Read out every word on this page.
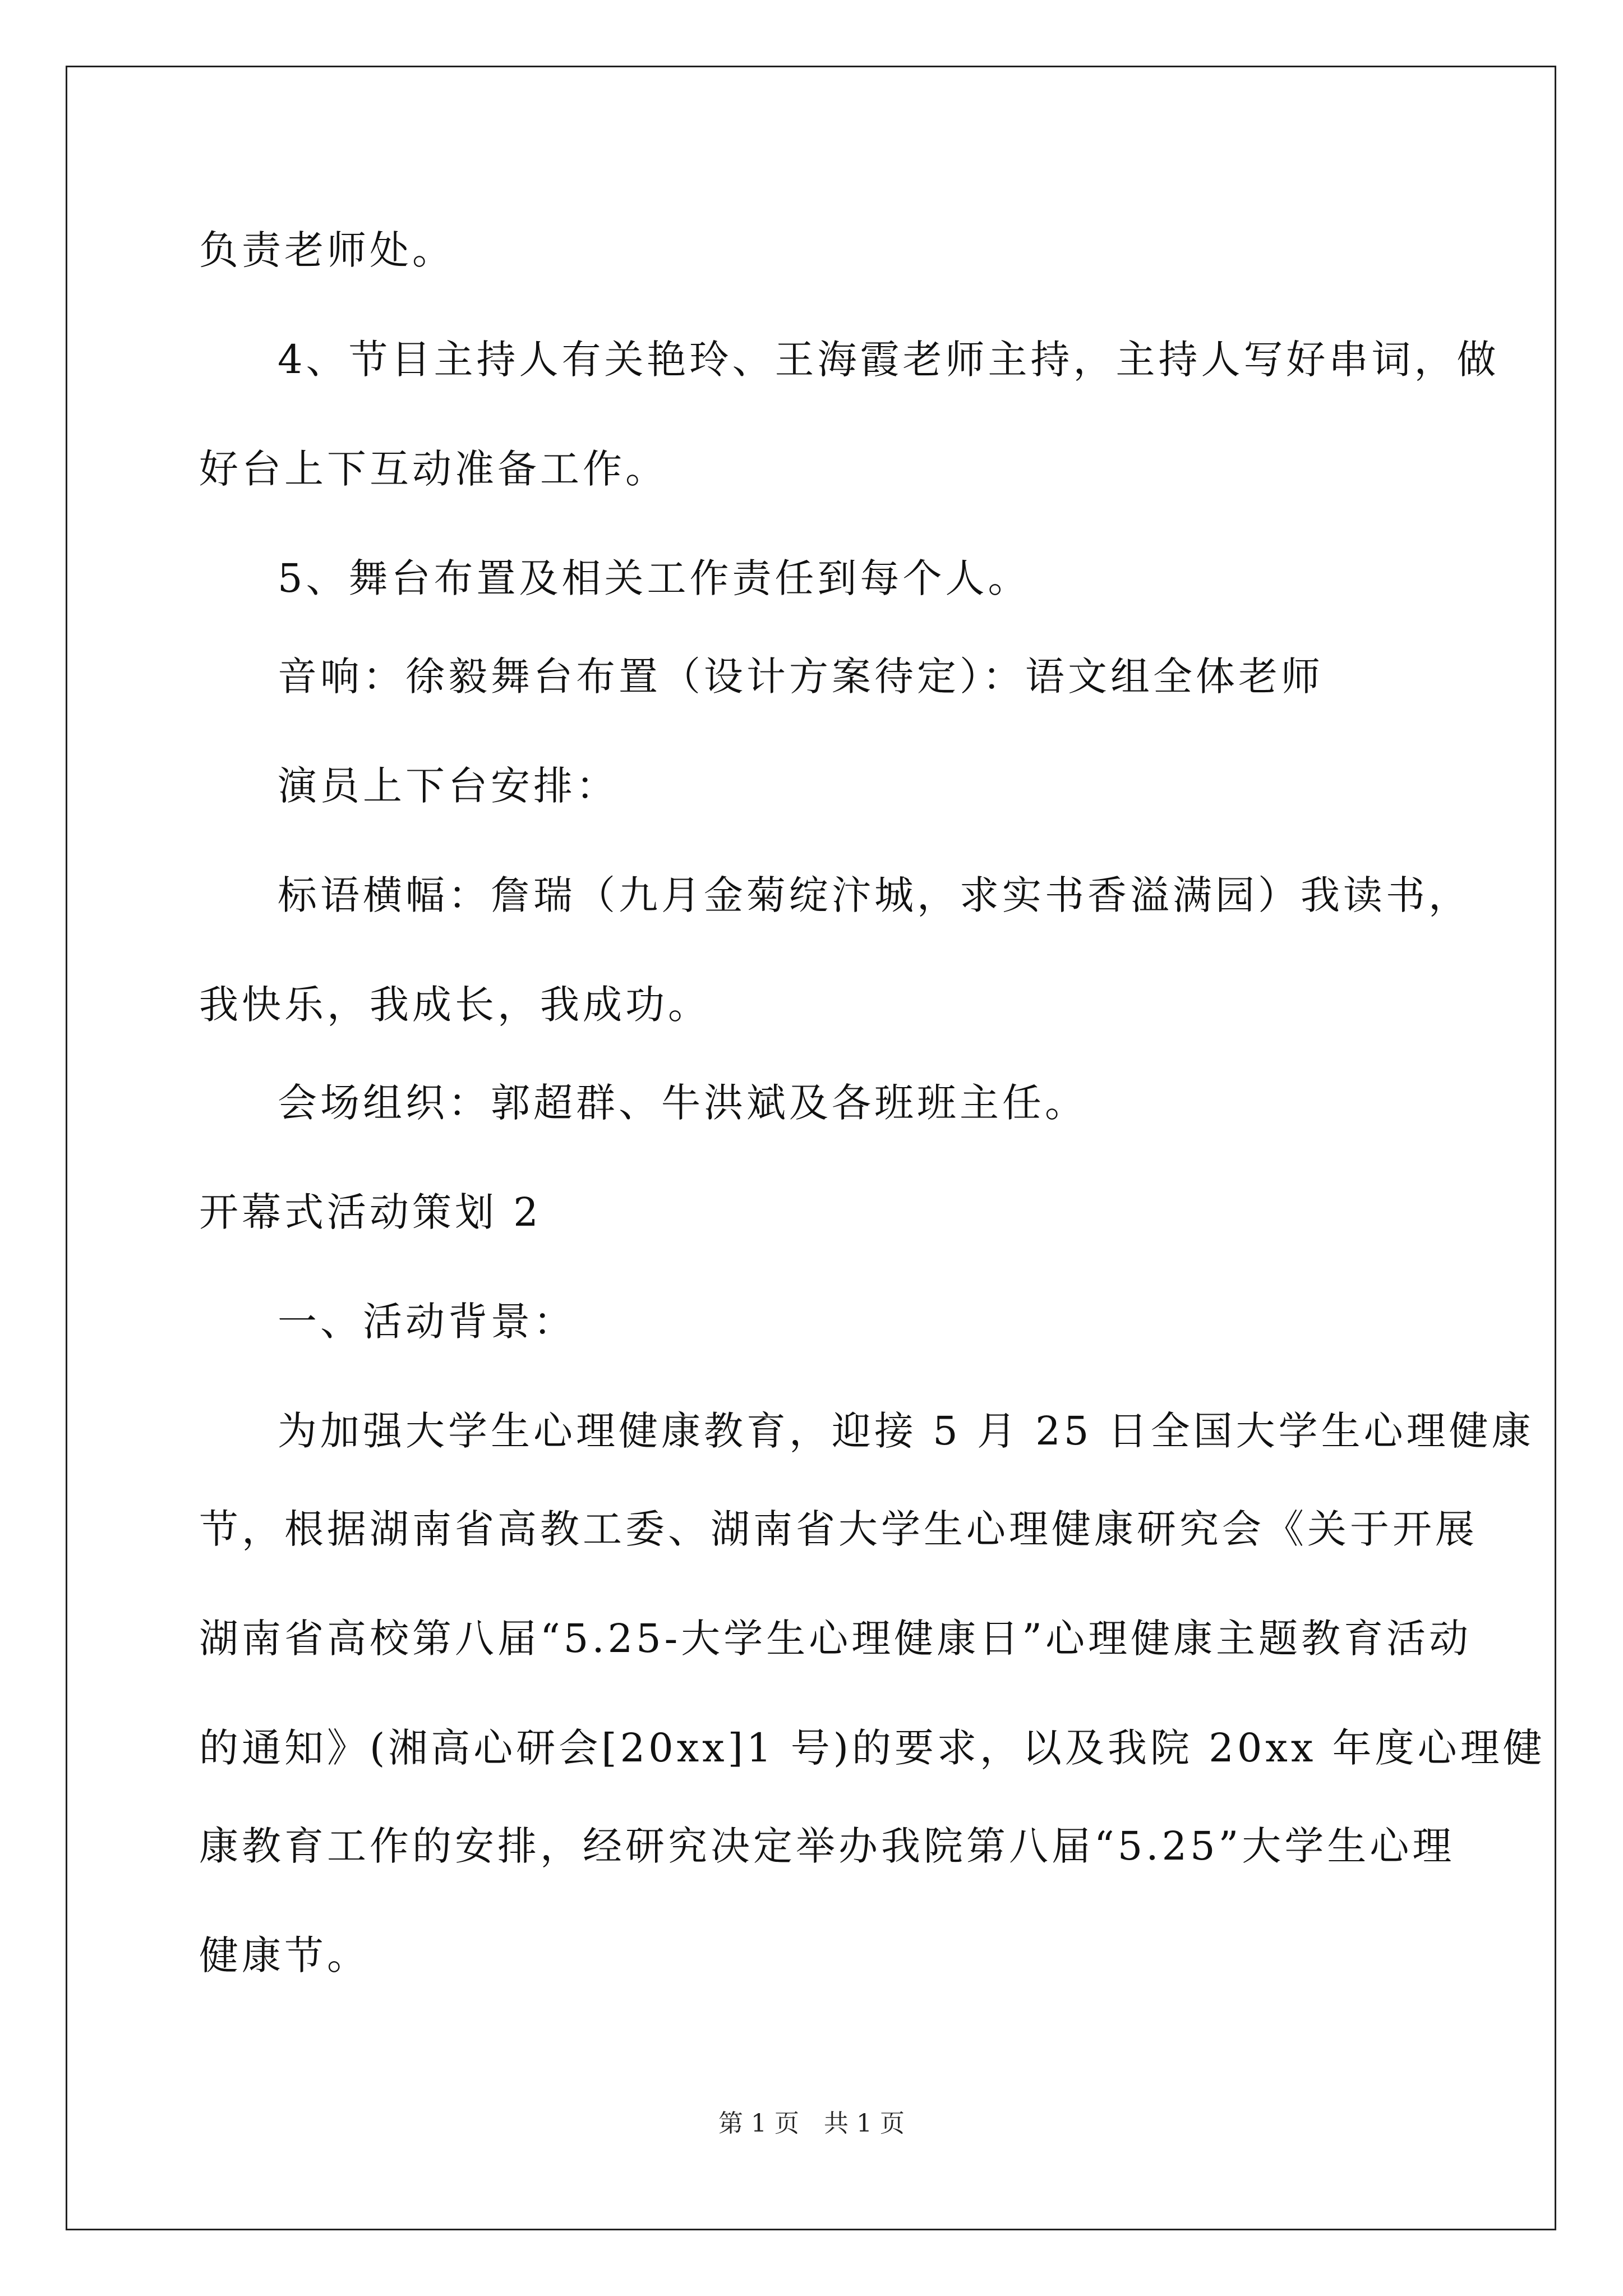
负责老师处。
4、节目主持人有关艳玲、王海霞老师主持，主持人写好串词，做
好台上下互动准备工作。
5、舞台布置及相关工作责任到每个人。
音响：徐毅舞台布置（设计方案待定）：语文组全体老师
演员上下台安排：
标语横幅：詹瑞（九月金菊绽汴城，求实书香溢满园）我读书，
我快乐，我成长，我成功。
会场组织：郭超群、牛洪斌及各班班主任。
开幕式活动策划 2
一、活动背景：
为加强大学生心理健康教育，迎接 5 月 25 日全国大学生心理健康
节，根据湖南省高教工委、湖南省大学生心理健康研究会《关于开展
湖南省高校第八届“5.25-大学生心理健康日”心理健康主题教育活动
的通知》(湘高心研会[20xx]1 号)的要求，以及我院 20xx 年度心理健
康教育工作的安排，经研究决定举办我院第八届“5.25”大学生心理
健康节。
第 1 页　共 1 页
